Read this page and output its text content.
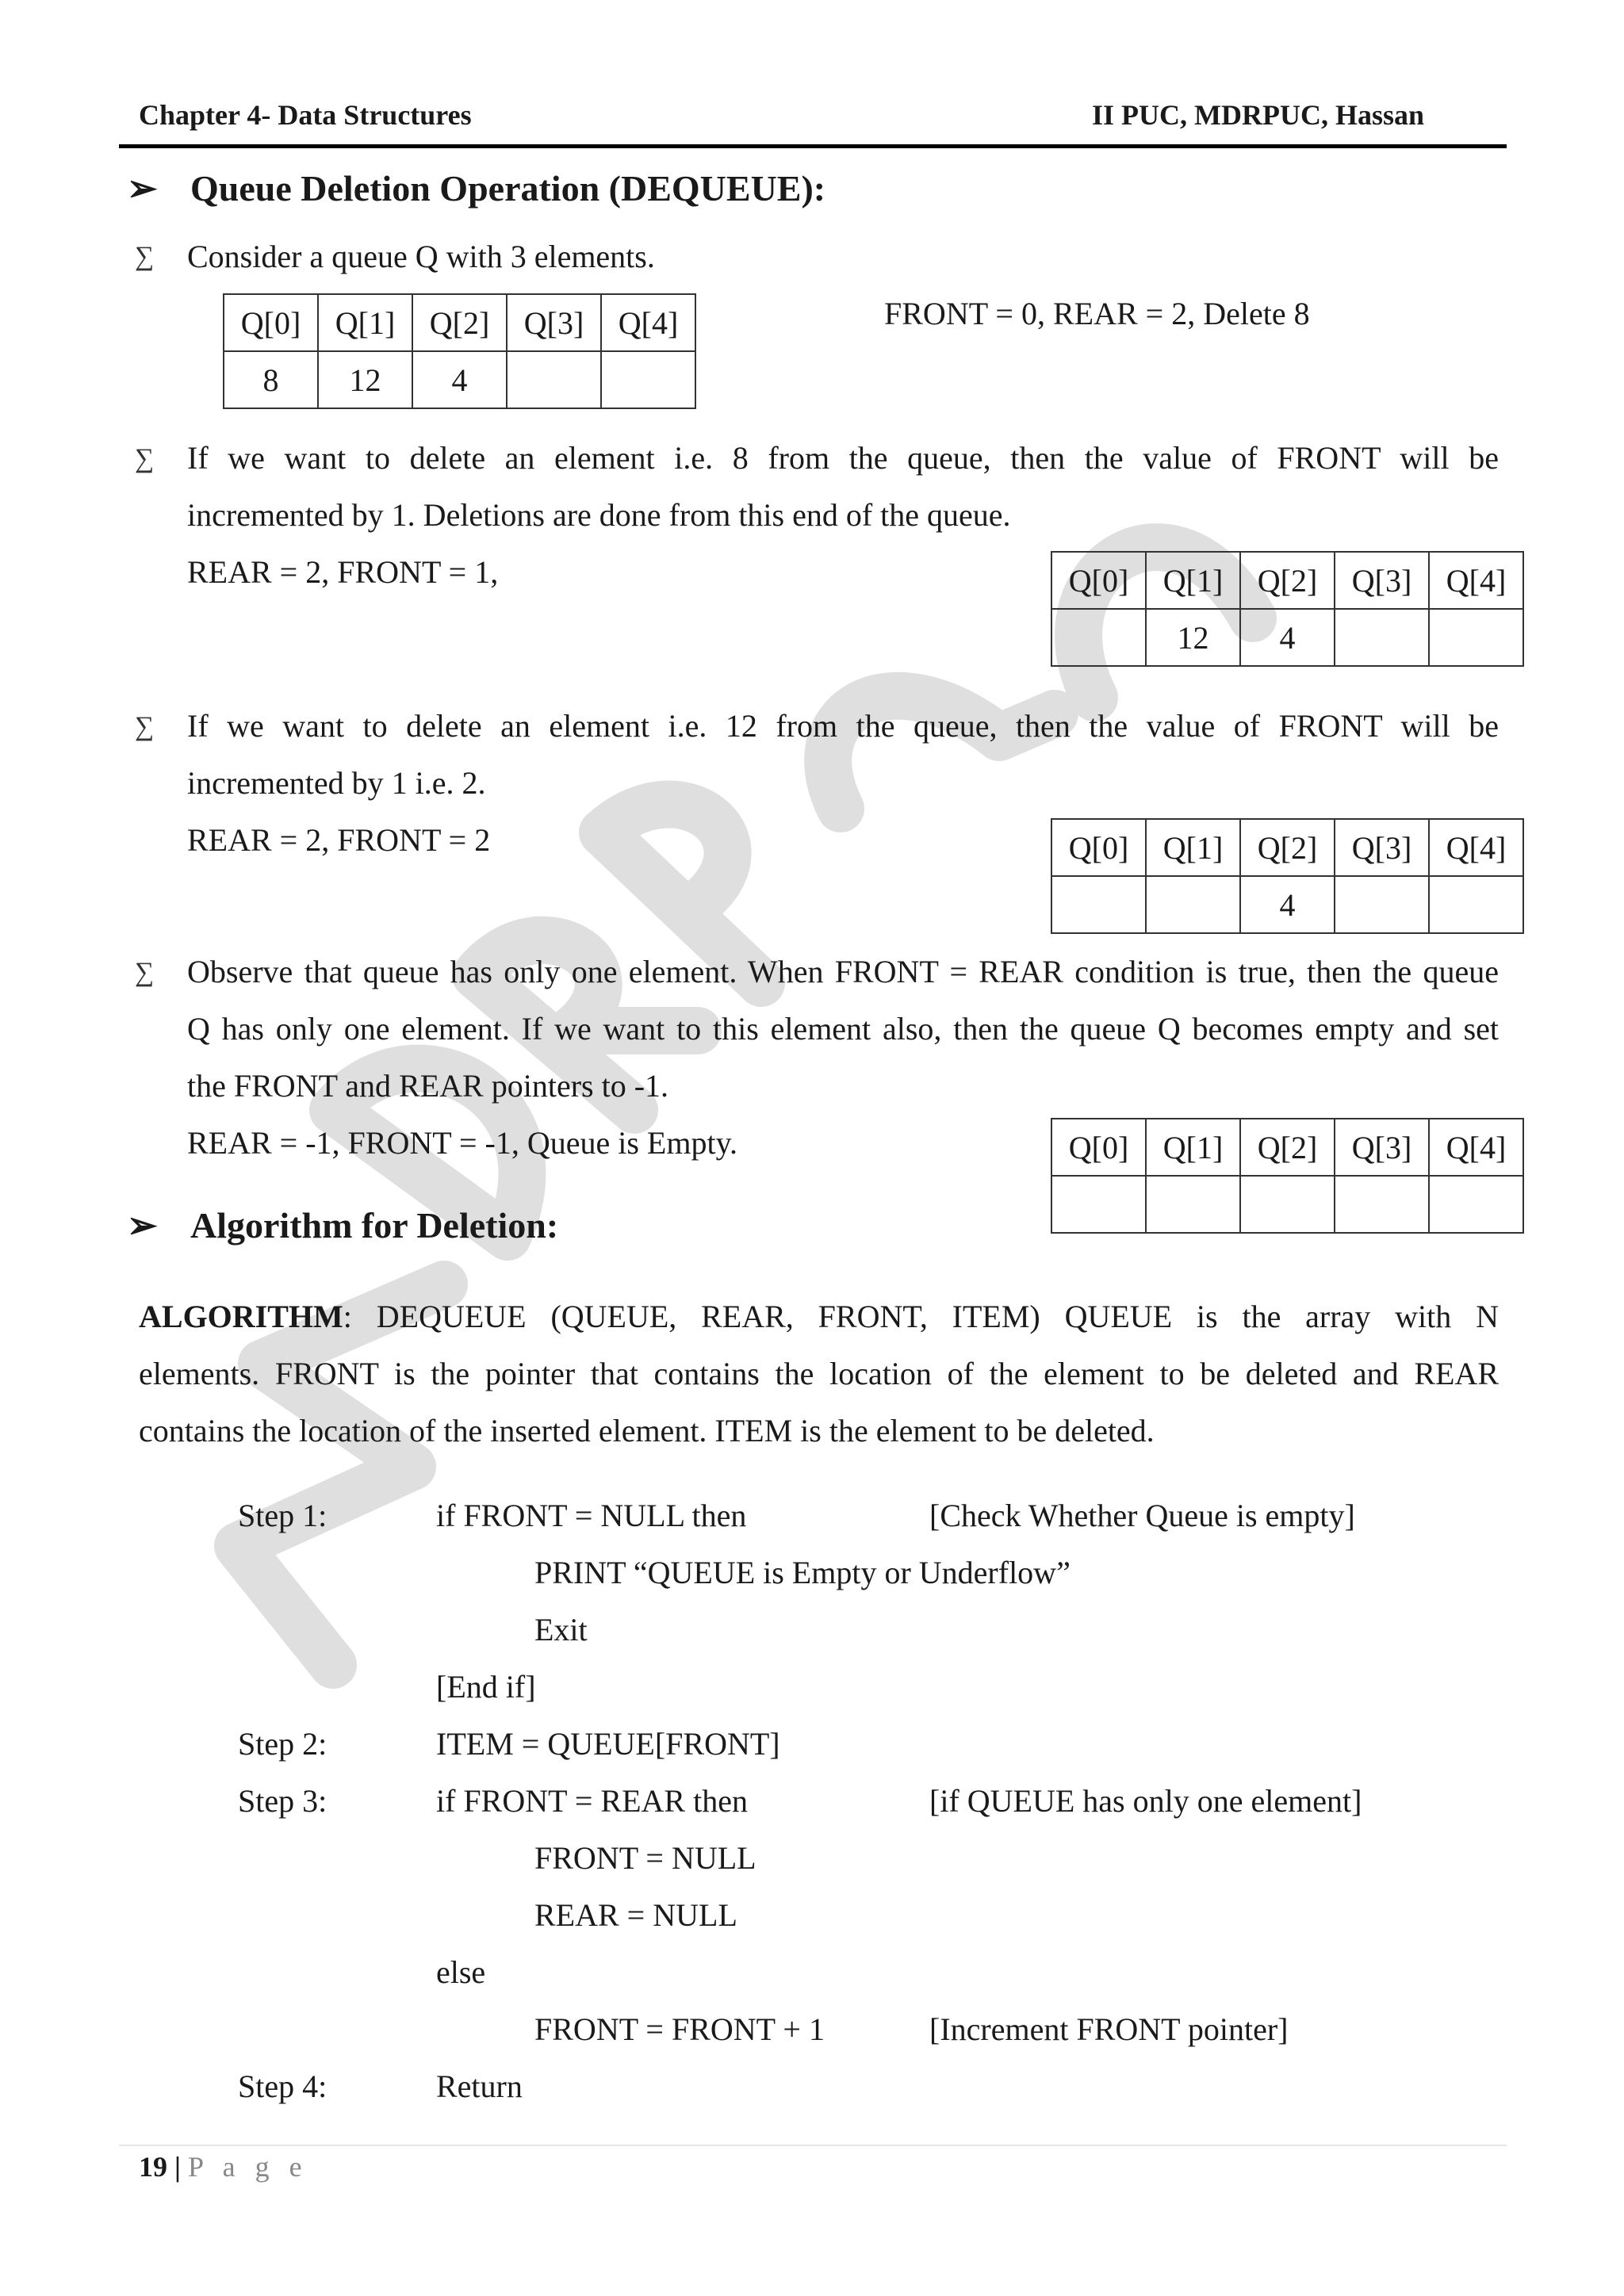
Chapter 4- Data Structures	II PUC, MDRPUC, Hassan
➢ Queue Deletion Operation (DEQUEUE):
∑ Consider a queue Q with 3 elements.
Q[0]	Q[1]	Q[2]	Q[3]	Q[4]
8	12	4		
FRONT = 0, REAR = 2, Delete 8
∑ If we want to delete an element i.e. 8 from the queue, then the value of FRONT will be
incremented by 1. Deletions are done from this end of the queue.
REAR = 2, FRONT = 1,	Q[0]	Q[1]	Q[2]	Q[3]	Q[4]
	12	4		
∑ If we want to delete an element i.e. 12 from the queue, then the value of FRONT will be
incremented by 1 i.e. 2.
REAR = 2, FRONT = 2	Q[0]	Q[1]	Q[2]	Q[3]	Q[4]
		4		
∑ Observe that queue has only one element. When FRONT = REAR condition is true, then the queue
Q has only one element. If we want to this element also, then the queue Q becomes empty and set
the FRONT and REAR pointers to -1.
REAR = -1, FRONT = -1, Queue is Empty.	Q[0]	Q[1]	Q[2]	Q[3]	Q[4]

➢ Algorithm for Deletion:
ALGORITHM: DEQUEUE (QUEUE, REAR, FRONT, ITEM) QUEUE is the array with N
elements. FRONT is the pointer that contains the location of the element to be deleted and REAR
contains the location of the inserted element. ITEM is the element to be deleted.
Step 1:	if FRONT = NULL then	[Check Whether Queue is empty]
PRINT “QUEUE is Empty or Underflow”
Exit
[End if]
Step 2:	ITEM = QUEUE[FRONT]
Step 3:	if FRONT = REAR then	[if QUEUE has only one element]
FRONT = NULL
REAR = NULL
else
FRONT = FRONT + 1	[Increment FRONT pointer]
Step 4:	Return
19 | P a g e
